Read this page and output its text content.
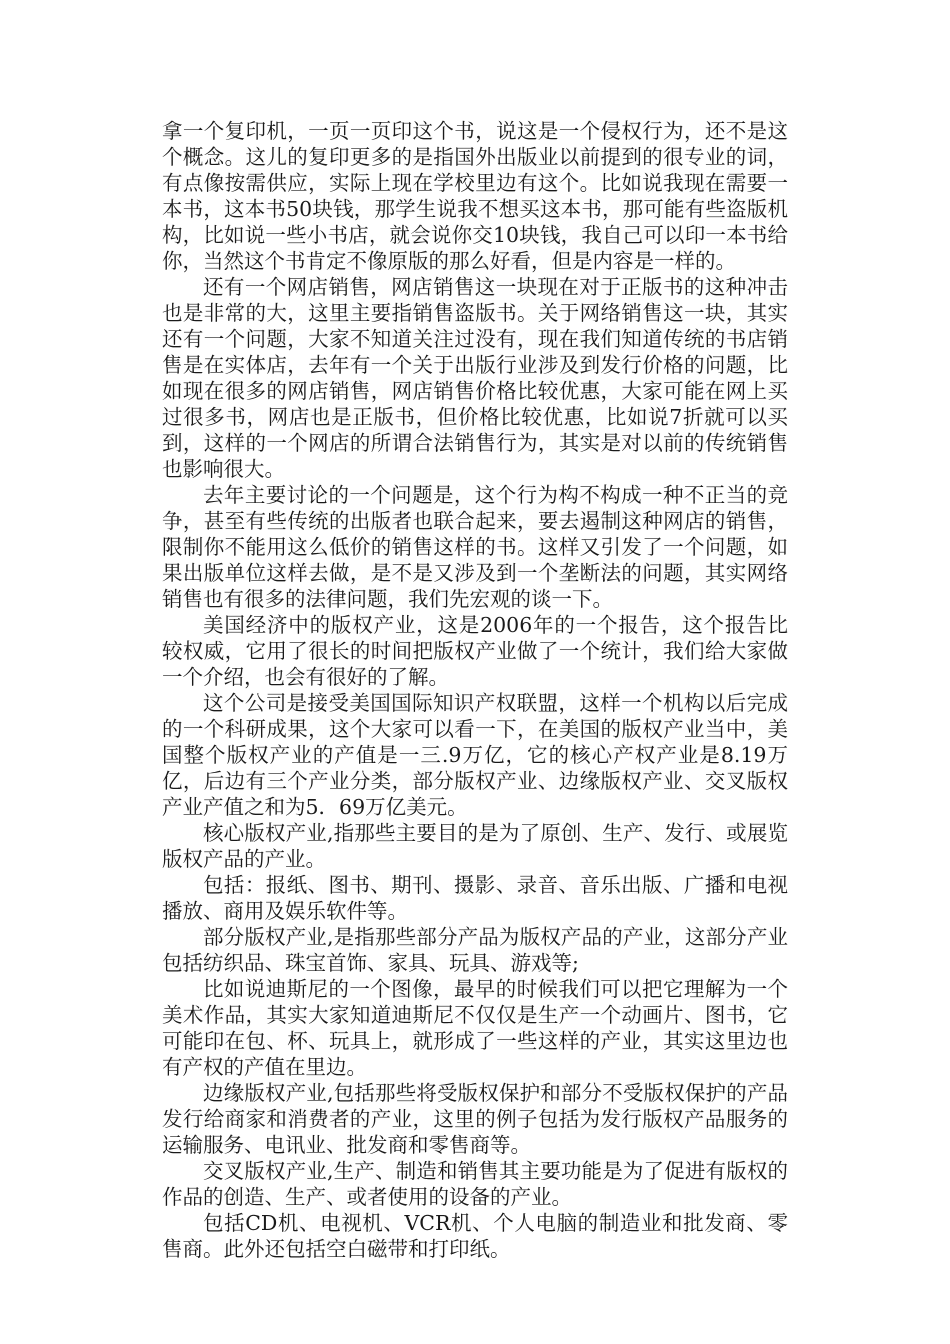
拿一个复印机，一页一页印这个书，说这是一个侵权行为，还不是这个概念。这儿的复印更多的是指国外出版业以前提到的很专业的词，有点像按需供应，实际上现在学校里边有这个。比如说我现在需要一本书，这本书50块钱，那学生说我不想买这本书，那可能有些盗版机构，比如说一些小书店，就会说你交10块钱，我自己可以印一本书给你，当然这个书肯定不像原版的那么好看，但是内容是一样的。

还有一个网店销售，网店销售这一块现在对于正版书的这种冲击也是非常的大，这里主要指销售盗版书。关于网络销售这一块，其实还有一个问题，大家不知道关注过没有，现在我们知道传统的书店销售是在实体店，去年有一个关于出版行业涉及到发行价格的问题，比如现在很多的网店销售，网店销售价格比较优惠，大家可能在网上买过很多书，网店也是正版书，但价格比较优惠，比如说7折就可以买到，这样的一个网店的所谓合法销售行为，其实是对以前的传统销售也影响很大。

去年主要讨论的一个问题是，这个行为构不构成一种不正当的竞争，甚至有些传统的出版者也联合起来，要去遏制这种网店的销售，限制你不能用这么低价的销售这样的书。这样又引发了一个问题，如果出版单位这样去做，是不是又涉及到一个垄断法的问题，其实网络销售也有很多的法律问题，我们先宏观的谈一下。

美国经济中的版权产业，这是2006年的一个报告，这个报告比较权威，它用了很长的时间把版权产业做了一个统计，我们给大家做一个介绍，也会有很好的了解。

这个公司是接受美国国际知识产权联盟，这样一个机构以后完成的一个科研成果，这个大家可以看一下，在美国的版权产业当中，美国整个版权产业的产值是一三.9万亿，它的核心产权产业是8.19万亿，后边有三个产业分类，部分版权产业、边缘版权产业、交叉版权产业产值之和为5．69万亿美元。

核心版权产业,指那些主要目的是为了原创、生产、发行、或展览版权产品的产业。

包括：报纸、图书、期刊、摄影、录音、音乐出版、广播和电视播放、商用及娱乐软件等。

部分版权产业,是指那些部分产品为版权产品的产业，这部分产业包括纺织品、珠宝首饰、家具、玩具、游戏等;

比如说迪斯尼的一个图像，最早的时候我们可以把它理解为一个美术作品，其实大家知道迪斯尼不仅仅是生产一个动画片、图书，它可能印在包、杯、玩具上，就形成了一些这样的产业，其实这里边也有产权的产值在里边。

边缘版权产业,包括那些将受版权保护和部分不受版权保护的产品发行给商家和消费者的产业，这里的例子包括为发行版权产品服务的运输服务、电讯业、批发商和零售商等。

交叉版权产业,生产、制造和销售其主要功能是为了促进有版权的作品的创造、生产、或者使用的设备的产业。

包括CD机、电视机、VCR机、个人电脑的制造业和批发商、零售商。此外还包括空白磁带和打印纸。
